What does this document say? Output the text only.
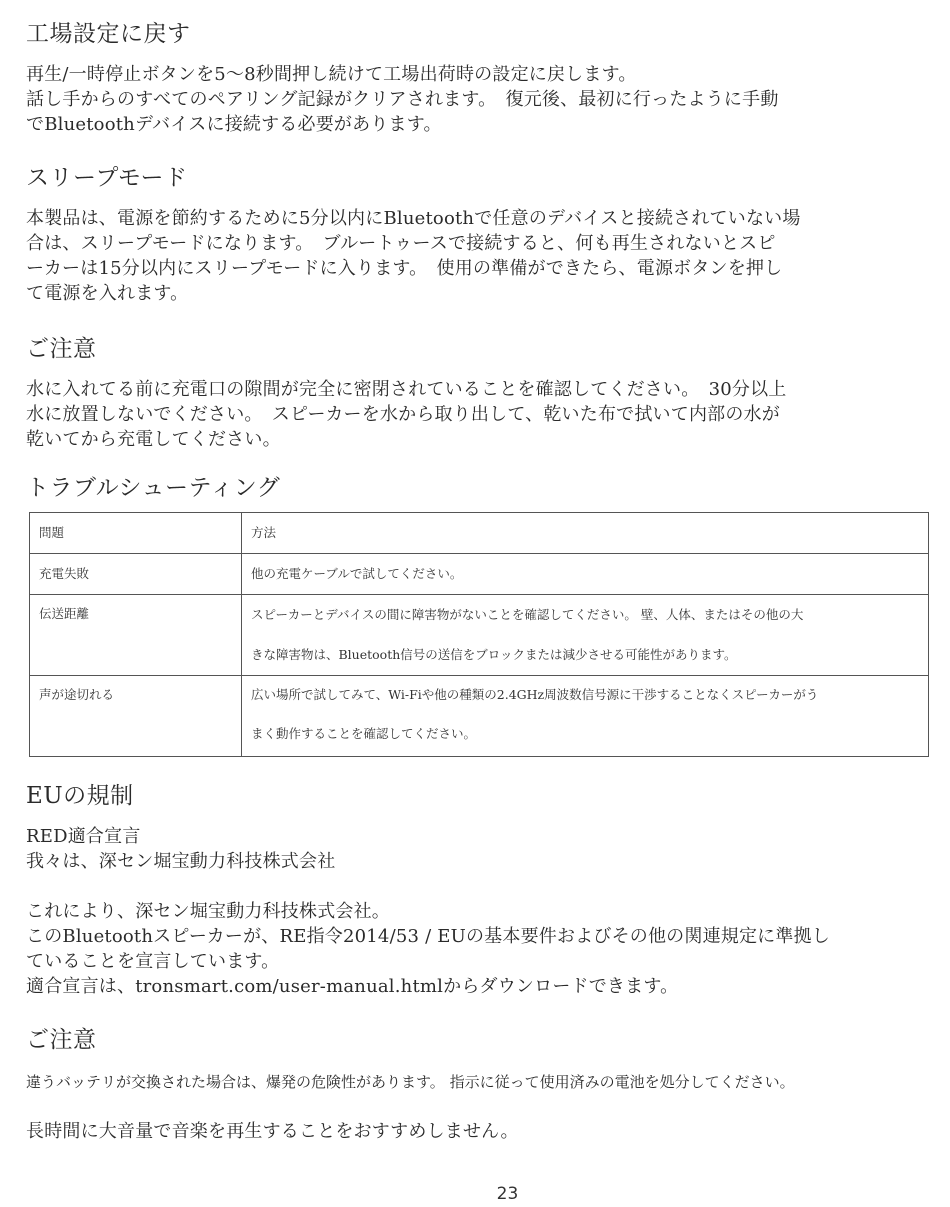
工場設定に戻す
再生/一時停止ボタンを5～8秒間押し続けて工場出荷時の設定に戻します。
話し手からのすべてのペアリング記録がクリアされます。　復元後、最初に行ったように手動
でBluetoothデバイスに接続する必要があります。
スリープモード
本製品は、電源を節約するために5分以内にBluetoothで任意のデバイスと接続されていない場
合は、スリープモードになります。　ブルートゥースで接続すると、何も再生されないとスピ
ーカーは15分以内にスリープモードに入ります。　使用の準備ができたら、電源ボタンを押し
て電源を入れます。
ご注意
水に入れてる前に充電口の隙間が完全に密閉されていることを確認してください。　30分以上
水に放置しないでください。　スピーカーを水から取り出して、乾いた布で拭いて内部の水が
乾いてから充電してください。
トラブルシューティング
問題	方法
充電失敗	他の充電ケーブルで試してください。

伝送距離	スピーカーとデバイスの間に障害物がないことを確認してください。 壁、人体、またはその他の大
きな障害物は、Bluetooth信号の送信をブロックまたは減少させる可能性があります。

声が途切れる	広い場所で試してみて、Wi-Fiや他の種類の2.4GHz周波数信号源に干渉することなくスピーカーがう
まく動作することを確認してください。
EUの規制
RED適合宣言
我々は、深セン堀宝動力科技株式会社
これにより、深セン堀宝動力科技株式会社。
このBluetoothスピーカーが、RE指令2014/53 / EUの基本要件およびその他の関連規定に準拠し
ていることを宣言しています。
適合宣言は、tronsmart.com/user-manual.htmlからダウンロードできます。
ご注意
違うバッテリが交換された場合は、爆発の危険性があります。 指示に従って使用済みの電池を処分してください。
長時間に大音量で音楽を再生することをおすすめしません。
23
